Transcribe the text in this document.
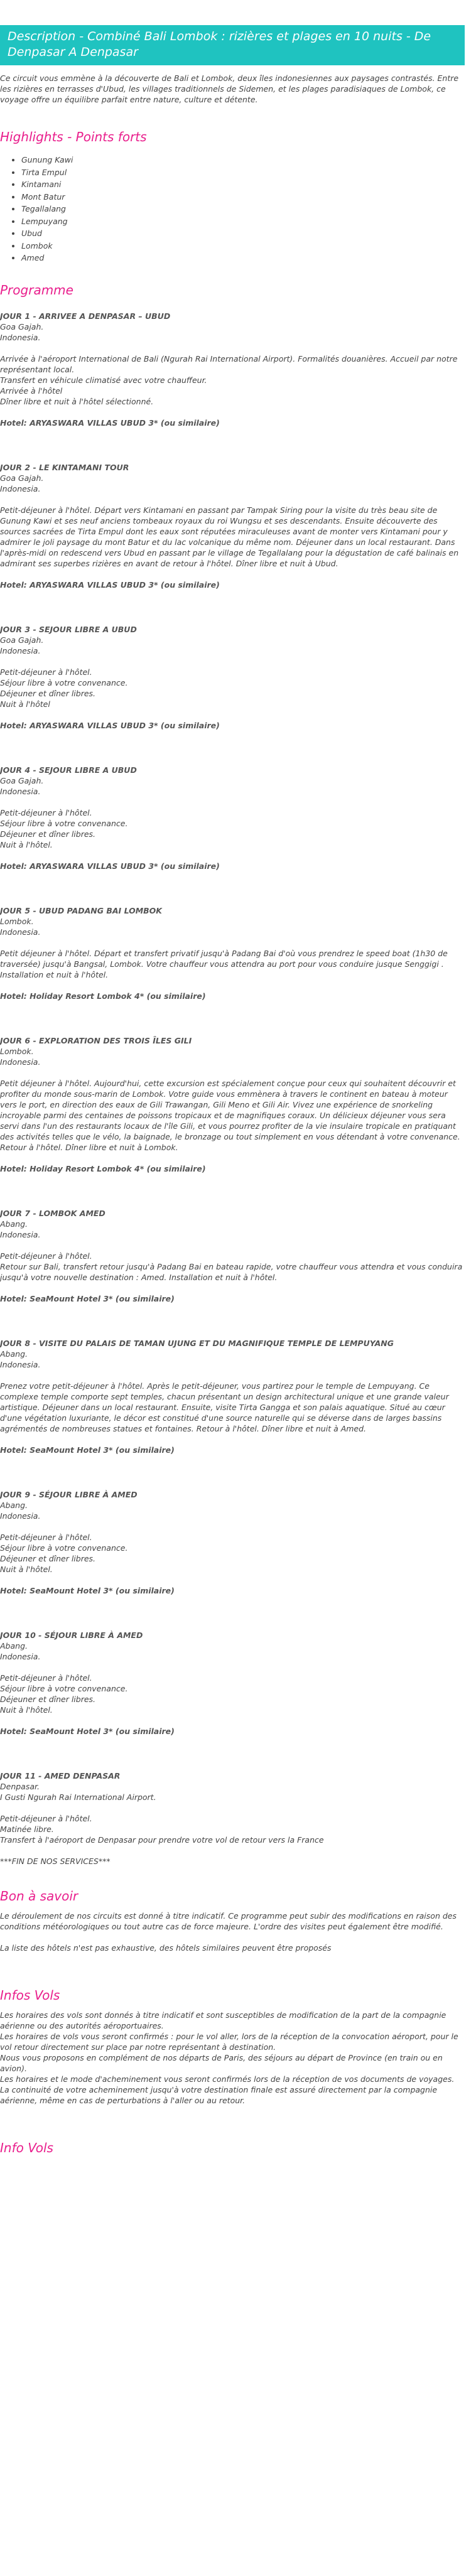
Description - Combiné Bali Lombok : rizières et plages en 10 nuits - De Denpasar A Denpasar

Ce circuit vous emmène à la découverte de Bali et Lombok, deux îles indonesiennes aux paysages contrastés. Entre les rizières en terrasses d'Ubud, les villages traditionnels de Sidemen, et les plages paradisiaques de Lombok, ce voyage offre un équilibre parfait entre nature, culture et détente.

Highlights - Points forts
• Gunung Kawi
• Tirta Empul
• Kintamani
• Mont Batur
• Tegallalang
• Lempuyang
• Ubud
• Lombok
• Amed
Programme

JOUR 1 - ARRIVEE A DENPASAR – UBUD

Goa Gajah.

Indonesia.

Arrivée à l'aéroport International de Bali (Ngurah Rai International Airport). Formalités douanières. Accueil par notre représentant local.

Transfert en véhicule climatisé avec votre chauffeur.

Arrivée à l'hôtel

Dîner libre et nuit à l'hôtel sélectionné.

Hotel: ARYASWARA VILLAS UBUD 3* (ou similaire)

JOUR 2 - LE KINTAMANI TOUR

Goa Gajah.

Indonesia.

Petit-déjeuner à l'hôtel. Départ vers Kintamani en passant par Tampak Siring pour la visite du très beau site de Gunung Kawi et ses neuf anciens tombeaux royaux du roi Wungsu et ses descendants. Ensuite découverte des sources sacrées de Tirta Empul dont les eaux sont réputées miraculeuses avant de monter vers Kintamani pour y admirer le joli paysage du mont Batur et du lac volcanique du même nom. Déjeuner dans un local restaurant. Dans l'après-midi on redescend vers Ubud en passant par le village de Tegallalang pour la dégustation de café balinais en admirant ses superbes rizières en avant de retour à l'hôtel. Dîner libre et nuit à Ubud.

Hotel: ARYASWARA VILLAS UBUD 3* (ou similaire)

JOUR 3 - SEJOUR LIBRE A UBUD

Goa Gajah.

Indonesia.

Petit-déjeuner à l'hôtel.

Séjour libre à votre convenance.

Déjeuner et dîner libres.

Nuit à l'hôtel

Hotel: ARYASWARA VILLAS UBUD 3* (ou similaire)

JOUR 4 - SEJOUR LIBRE A UBUD

Goa Gajah.

Indonesia.

Petit-déjeuner à l'hôtel.

Séjour libre à votre convenance.

Déjeuner et dîner libres.

Nuit à l'hôtel.

Hotel: ARYASWARA VILLAS UBUD 3* (ou similaire)

JOUR 5 - UBUD PADANG BAI LOMBOK

Lombok.

Indonesia.

Petit déjeuner à l'hôtel. Départ et transfert privatif jusqu'à Padang Bai d'où vous prendrez le speed boat (1h30 de traversée) jusqu'à Bangsal, Lombok. Votre chauffeur vous attendra au port pour vous conduire jusque Senggigi . Installation et nuit à l'hôtel.

Hotel: Holiday Resort Lombok 4* (ou similaire)

JOUR 6 - EXPLORATION DES TROIS ÎLES GILI

Lombok.

Indonesia.

Petit déjeuner à l'hôtel. Aujourd'hui, cette excursion est spécialement conçue pour ceux qui souhaitent découvrir et profiter du monde sous-marin de Lombok. Votre guide vous emmènera à travers le continent en bateau à moteur vers le port, en direction des eaux de Gili Trawangan, Gili Meno et Gili Air. Vivez une expérience de snorkeling incroyable parmi des centaines de poissons tropicaux et de magnifiques coraux. Un délicieux déjeuner vous sera servi dans l'un des restaurants locaux de l'île Gili, et vous pourrez profiter de la vie insulaire tropicale en pratiquant des activités telles que le vélo, la baignade, le bronzage ou tout simplement en vous détendant à votre convenance. Retour à l'hôtel. Dîner libre et nuit à Lombok.

Hotel: Holiday Resort Lombok 4* (ou similaire)

JOUR 7 - LOMBOK AMED

Abang.

Indonesia.

Petit-déjeuner à l'hôtel.

Retour sur Bali, transfert retour jusqu'à Padang Bai en bateau rapide, votre chauffeur vous attendra et vous conduira jusqu'à votre nouvelle destination : Amed. Installation et nuit à l'hôtel.

Hotel: SeaMount Hotel 3* (ou similaire)

JOUR 8 - VISITE DU PALAIS DE TAMAN UJUNG ET DU MAGNIFIQUE TEMPLE DE LEMPUYANG

Abang.

Indonesia.

Prenez votre petit-déjeuner à l'hôtel. Après le petit-déjeuner, vous partirez pour le temple de Lempuyang. Ce complexe temple comporte sept temples, chacun présentant un design architectural unique et une grande valeur artistique. Déjeuner dans un local restaurant. Ensuite, visite Tirta Gangga et son palais aquatique. Situé au cœur d'une végétation luxuriante, le décor est constitué d'une source naturelle qui se déverse dans de larges bassins agrémentés de nombreuses statues et fontaines. Retour à l'hôtel. Dîner libre et nuit à Amed.

Hotel: SeaMount Hotel 3* (ou similaire)

JOUR 9 - SÉJOUR LIBRE À AMED

Abang.

Indonesia.

Petit-déjeuner à l'hôtel.

Séjour libre à votre convenance.

Déjeuner et dîner libres.

Nuit à l'hôtel.

Hotel: SeaMount Hotel 3* (ou similaire)

JOUR 10 - SÉJOUR LIBRE À AMED

Abang.

Indonesia.

Petit-déjeuner à l'hôtel.

Séjour libre à votre convenance.

Déjeuner et dîner libres.

Nuit à l'hôtel.

Hotel: SeaMount Hotel 3* (ou similaire)

JOUR 11 - AMED DENPASAR

Denpasar.

I Gusti Ngurah Rai International Airport.

Petit-déjeuner à l'hôtel.

Matinée libre.

Transfert à l'aéroport de Denpasar pour prendre votre vol de retour vers la France

***FIN DE NOS SERVICES***

Bon à savoir

Le déroulement de nos circuits est donné à titre indicatif. Ce programme peut subir des modifications en raison des conditions météorologiques ou tout autre cas de force majeure. L'ordre des visites peut également être modifié.

La liste des hôtels n'est pas exhaustive, des hôtels similaires peuvent être proposés

Infos Vols

Les horaires des vols sont donnés à titre indicatif et sont susceptibles de modification de la part de la compagnie aérienne ou des autorités aéroportuaires.

Les horaires de vols vous seront confirmés : pour le vol aller, lors de la réception de la convocation aéroport, pour le vol retour directement sur place par notre représentant à destination.

Nous vous proposons en complément de nos départs de Paris, des séjours au départ de Province (en train ou en avion).

Les horaires et le mode d'acheminement vous seront confirmés lors de la réception de vos documents de voyages.

La continuité de votre acheminement jusqu'à votre destination finale est assuré directement par la compagnie aérienne, même en cas de perturbations à l'aller ou au retour.

Info Vols
